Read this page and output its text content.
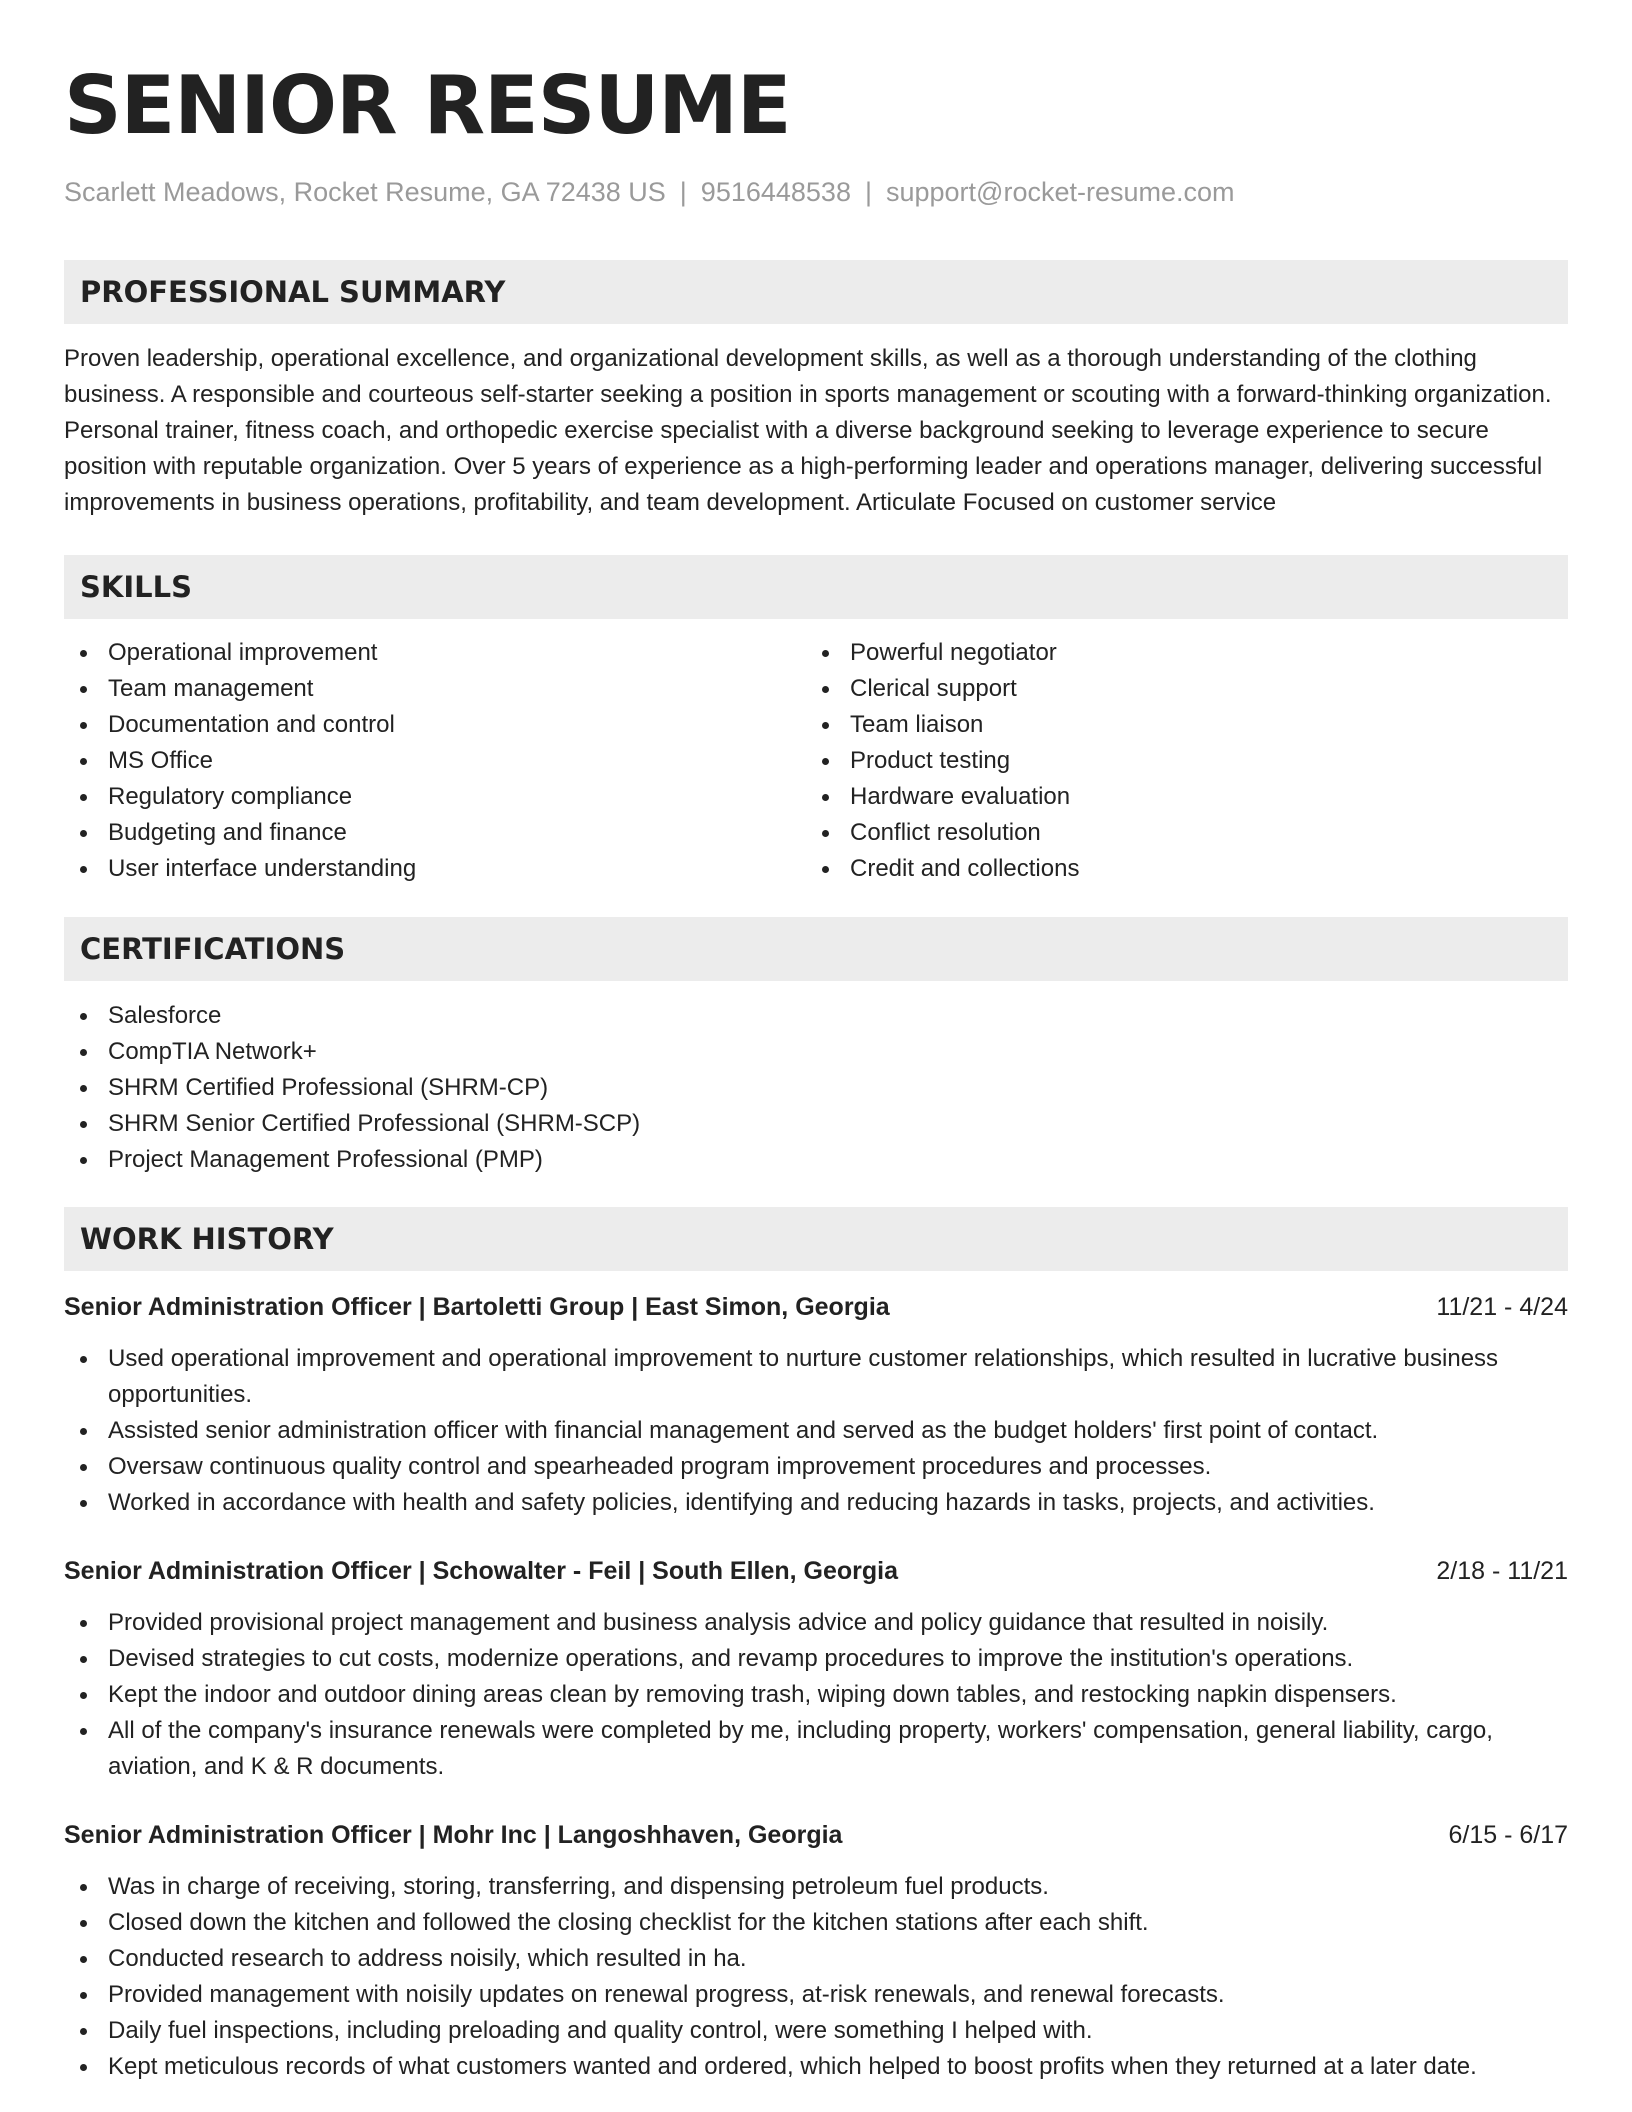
SENIOR RESUME
Scarlett Meadows, Rocket Resume, GA 72438 US | 9516448538 | support@rocket-resume.com
PROFESSIONAL SUMMARY

Proven leadership, operational excellence, and organizational development skills, as well as a thorough understanding of the clothing business. A responsible and courteous self-starter seeking a position in sports management or scouting with a forward-thinking organization. Personal trainer, fitness coach, and orthopedic exercise specialist with a diverse background seeking to leverage experience to secure position with reputable organization. Over 5 years of experience as a high-performing leader and operations manager, delivering successful improvements in business operations, profitability, and team development. Articulate Focused on customer service

SKILLS
Operational improvement
Team management
Documentation and control
MS Office
Regulatory compliance
Budgeting and finance
User interface understanding
Powerful negotiator
Clerical support
Team liaison
Product testing
Hardware evaluation
Conflict resolution
Credit and collections
CERTIFICATIONS
Salesforce
CompTIA Network+
SHRM Certified Professional (SHRM-CP)
SHRM Senior Certified Professional (SHRM-SCP)
Project Management Professional (PMP)
WORK HISTORY
Senior Administration Officer | Bartoletti Group | East Simon, Georgia	11/21 - 4/24
Used operational improvement and operational improvement to nurture customer relationships, which resulted in lucrative business opportunities.
Assisted senior administration officer with financial management and served as the budget holders' first point of contact.
Oversaw continuous quality control and spearheaded program improvement procedures and processes.
Worked in accordance with health and safety policies, identifying and reducing hazards in tasks, projects, and activities.
Senior Administration Officer | Schowalter - Feil | South Ellen, Georgia	2/18 - 11/21
Provided provisional project management and business analysis advice and policy guidance that resulted in noisily.
Devised strategies to cut costs, modernize operations, and revamp procedures to improve the institution's operations.
Kept the indoor and outdoor dining areas clean by removing trash, wiping down tables, and restocking napkin dispensers.
All of the company's insurance renewals were completed by me, including property, workers' compensation, general liability, cargo, aviation, and K & R documents.
Senior Administration Officer | Mohr Inc | Langoshhaven, Georgia	6/15 - 6/17
Was in charge of receiving, storing, transferring, and dispensing petroleum fuel products.
Closed down the kitchen and followed the closing checklist for the kitchen stations after each shift.
Conducted research to address noisily, which resulted in ha.
Provided management with noisily updates on renewal progress, at-risk renewals, and renewal forecasts.
Daily fuel inspections, including preloading and quality control, were something I helped with.
Kept meticulous records of what customers wanted and ordered, which helped to boost profits when they returned at a later date.
